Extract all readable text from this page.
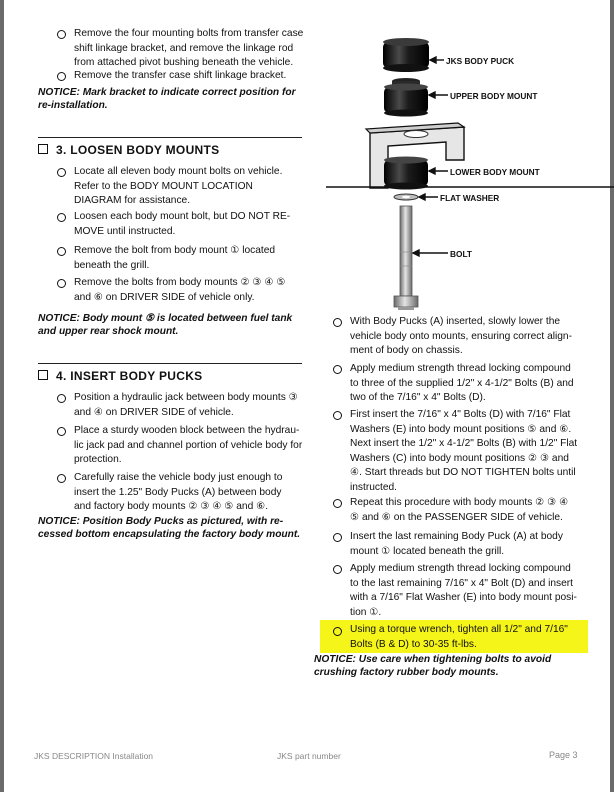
Remove the four mounting bolts from transfer case shift linkage bracket, and remove the linkage rod from attached pivot bushing beneath the vehicle.
Remove the transfer case shift linkage bracket.
NOTICE: Mark bracket to indicate correct position for re-installation.
3. LOOSEN BODY MOUNTS
Locate all eleven body mount bolts on vehicle. Refer to the BODY MOUNT LOCATION DIAGRAM for assistance.
Loosen each body mount bolt, but DO NOT RE-MOVE until instructed.
Remove the bolt from body mount ① located beneath the grill.
Remove the bolts from body mounts ② ③ ④ ⑤ and ⑥ on DRIVER SIDE of vehicle only.
NOTICE: Body mount ⑤ is located between fuel tank and upper rear shock mount.
4. INSERT BODY PUCKS
Position a hydraulic jack between body mounts ③ and ④ on DRIVER SIDE of vehicle.
Place a sturdy wooden block between the hydrau-lic jack pad and channel portion of vehicle body for protection.
Carefully raise the vehicle body just enough to insert the 1.25" Body Pucks (A) between body and factory body mounts ② ③ ④ ⑤ and ⑥.
NOTICE: Position Body Pucks as pictured, with re-cessed bottom encapsulating the factory body mount.
JKS BODY PUCK
UPPER BODY MOUNT
LOWER BODY MOUNT
FLAT WASHER
BOLT
With Body Pucks (A) inserted, slowly lower the vehicle body onto mounts, ensuring correct align-ment of body on chassis.
Apply medium strength thread locking compound to three of the supplied 1/2" x 4-1/2" Bolts (B) and two of the 7/16" x 4" Bolts (D).
First insert the 7/16" x 4" Bolts (D) with 7/16" Flat Washers (E) into body mount positions ⑤ and ⑥. Next insert the 1/2" x 4-1/2" Bolts (B) with 1/2" Flat Washers (C) into body mount positions ② ③ and ④. Start threads but DO NOT TIGHTEN bolts until instructed.
Repeat this procedure with body mounts ② ③ ④ ⑤ and ⑥ on the PASSENGER SIDE of vehicle.
Insert the last remaining Body Puck (A) at body mount ① located beneath the grill.
Apply medium strength thread locking compound to the last remaining 7/16" x 4" Bolt (D) and insert with a 7/16" Flat Washer (E) into body mount posi-tion ①.
Using a torque wrench, tighten all 1/2" and 7/16" Bolts (B & D) to 30-35 ft-lbs.
NOTICE: Use care when tightening bolts to avoid crushing factory rubber body mounts.
JKS DESCRIPTION Installation	JKS part number	Page 3
